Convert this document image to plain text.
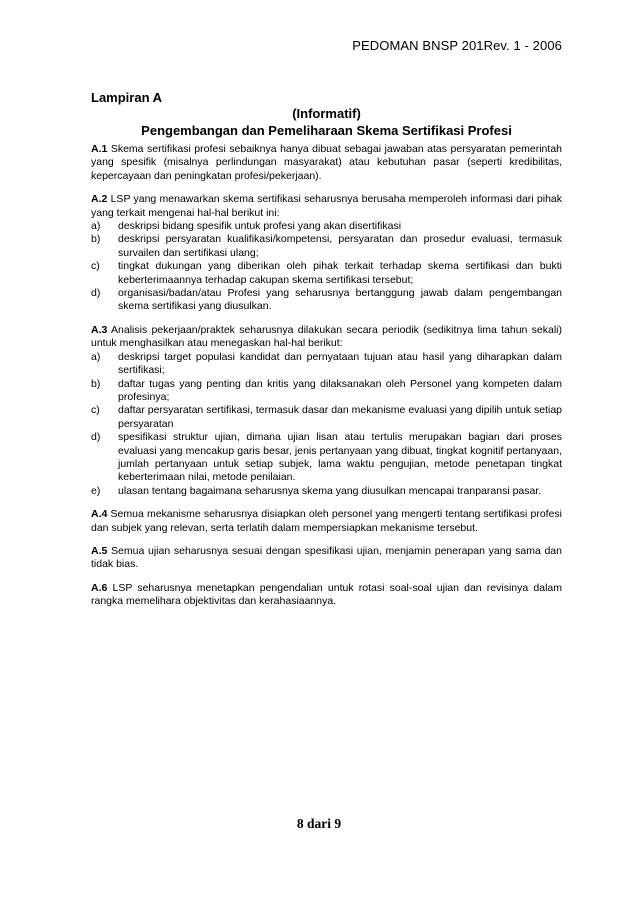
PEDOMAN BNSP 201Rev. 1 - 2006

Lampiran A

(Informatif)

Pengembangan dan Pemeliharaan Skema Sertifikasi Profesi

A.1 Skema sertifikasi profesi sebaiknya hanya dibuat sebagai jawaban atas persyaratan pemerintah yang spesifik (misalnya perlindungan masyarakat) atau kebutuhan pasar (seperti kredibilitas, kepercayaan dan peningkatan profesi/pekerjaan).

A.2 LSP yang menawarkan skema sertifikasi seharusnya berusaha memperoleh informasi dari pihak yang terkait mengenai hal-hal berikut ini:

a)	deskripsi bidang spesifik untuk profesi yang akan disertifikasi
b)	deskripsi persyaratan kualifikasi/kompetensi, persyaratan dan prosedur evaluasi, termasuk survailen dan sertifikasi ulang;
c)	tingkat dukungan yang diberikan oleh pihak terkait terhadap skema sertifikasi dan bukti keberterimaannya terhadap cakupan skema sertifikasi tersebut;
d)	organisasi/badan/atau Profesi yang seharusnya bertanggung jawab dalam pengembangan skema sertifikasi yang diusulkan.

A.3 Analisis pekerjaan/praktek seharusnya dilakukan secara periodik (sedikitnya lima tahun sekali) untuk menghasilkan atau menegaskan hal-hal berikut:

a)	deskripsi target populasi kandidat dan pernyataan tujuan atau hasil yang diharapkan dalam sertifikasi;
b)	daftar tugas yang penting dan kritis yang dilaksanakan oleh Personel yang kompeten dalam profesinya;
c)	daftar persyaratan sertifikasi, termasuk dasar dan mekanisme evaluasi yang dipilih untuk setiap persyaratan
d)	spesifikasi struktur ujian, dimana ujian lisan atau tertulis merupakan bagian dari proses evaluasi yang mencakup garis besar, jenis pertanyaan yang dibuat, tingkat kognitif pertanyaan, jumlah pertanyaan untuk setiap subjek, lama waktu pengujian, metode penetapan tingkat keberterimaan nilai, metode penilaian.
e)	ulasan tentang bagaimana seharusnya skema yang diusulkan mencapai tranparansi pasar.

A.4 Semua mekanisme seharusnya disiapkan oleh personel yang mengerti tentang sertifikasi profesi dan subjek yang relevan, serta terlatih dalam mempersiapkan mekanisme tersebut.

A.5 Semua ujian seharusnya sesuai dengan spesifikasi ujian, menjamin penerapan yang sama dan tidak bias.

A.6 LSP seharusnya menetapkan pengendalian untuk rotasi soal-soal ujian dan revisinya dalam rangka memelihara objektivitas dan kerahasiaannya.

8 dari 9
